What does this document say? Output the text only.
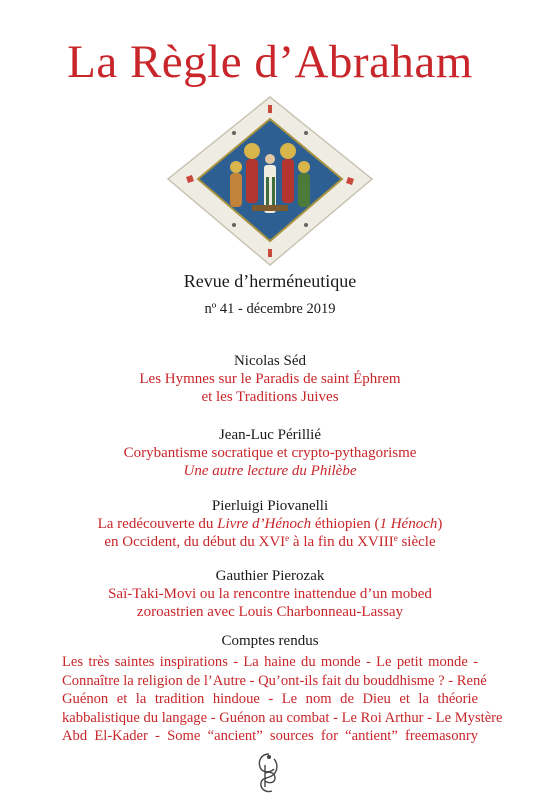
La Règle d’Abraham
Revue d’herméneutique
nº 41 - décembre 2019
Nicolas Séd
Les Hymnes sur le Paradis de saint Éphrem
et les Traditions Juives
Jean-Luc Périllié
Corybantisme socratique et crypto-pythagorisme
Une autre lecture du Philèbe
Pierluigi Piovanelli
La redécouverte du Livre d’Hénoch éthiopien (1 Hénoch)
en Occident, du début du XVIe à la fin du XVIIIe siècle
Gauthier Pierozak
Saï-Taki-Movi ou la rencontre inattendue d’un mobed
zoroastrien avec Louis Charbonneau-Lassay
Comptes rendus
Les très saintes inspirations - La haine du monde - Le petit monde -
Connaître la religion de l’Autre - Qu’ont-ils fait du bouddhisme ? - René
Guénon et la tradition hindoue - Le nom de Dieu et la théorie
kabbalistique du langage - Guénon au combat - Le Roi Arthur - Le Mystère
Abd El-Kader - Some “ancient” sources for “antient” freemasonry
